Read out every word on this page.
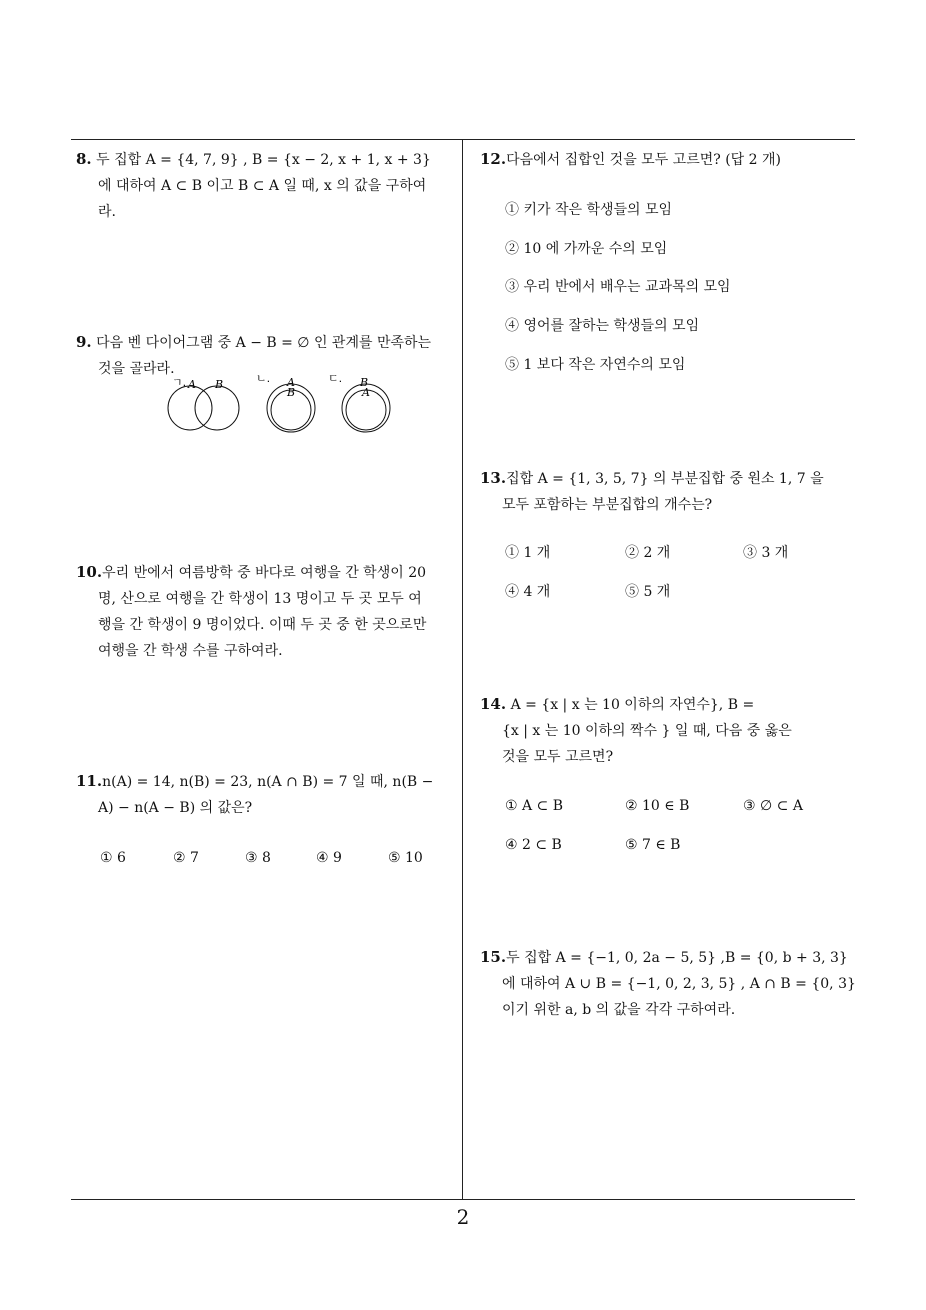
8. 두 집합 A = {4, 7, 9} , B = {x − 2, x + 1, x + 3}

에 대하여 A ⊂ B 이고 B ⊂ A 일 때, x 의 값을 구하여

라.

9. 다음 벤 다이어그램 중 A − B = ∅ 인 관계를 만족하는

것을 골라라.

ㄱ. A B	ㄴ. A
B
ㄷ. B
A

10.우리 반에서 여름방학 중 바다로 여행을 간 학생이 20

명, 산으로 여행을 간 학생이 13 명이고 두 곳 모두 여

행을 간 학생이 9 명이었다. 이때 두 곳 중 한 곳으로만

여행을 간 학생 수를 구하여라.

11.n(A) = 14, n(B) = 23, n(A ∩ B) = 7 일 때, n(B −

A) − n(A − B) 의 값은?

① 6	② 7	③ 8	④ 9	⑤ 10

12.다음에서 집합인 것을 모두 고르면? (답 2 개)

① 키가 작은 학생들의 모임
② 10 에 가까운 수의 모임
③ 우리 반에서 배우는 교과목의 모임
④ 영어를 잘하는 학생들의 모임
⑤ 1 보다 작은 자연수의 모임

13.집합 A = {1, 3, 5, 7} 의 부분집합 중 원소 1, 7 을

모두 포함하는 부분집합의 개수는?

① 1 개	② 2 개	③ 3 개
④ 4 개	⑤ 5 개

14. A = {x | x 는 10 이하의 자연수}, B =

{x | x 는 10 이하의 짝수 } 일 때, 다음 중 옳은

것을 모두 고르면?

① A ⊂ B	② 10 ∈ B	③ ∅ ⊂ A
④ 2 ⊂ B	⑤ 7 ∈ B

15.두 집합 A = {−1, 0, 2a − 5, 5} ,B = {0, b + 3, 3}

에 대하여 A ∪ B = {−1, 0, 2, 3, 5} , A ∩ B = {0, 3}

이기 위한 a, b 의 값을 각각 구하여라.

2
